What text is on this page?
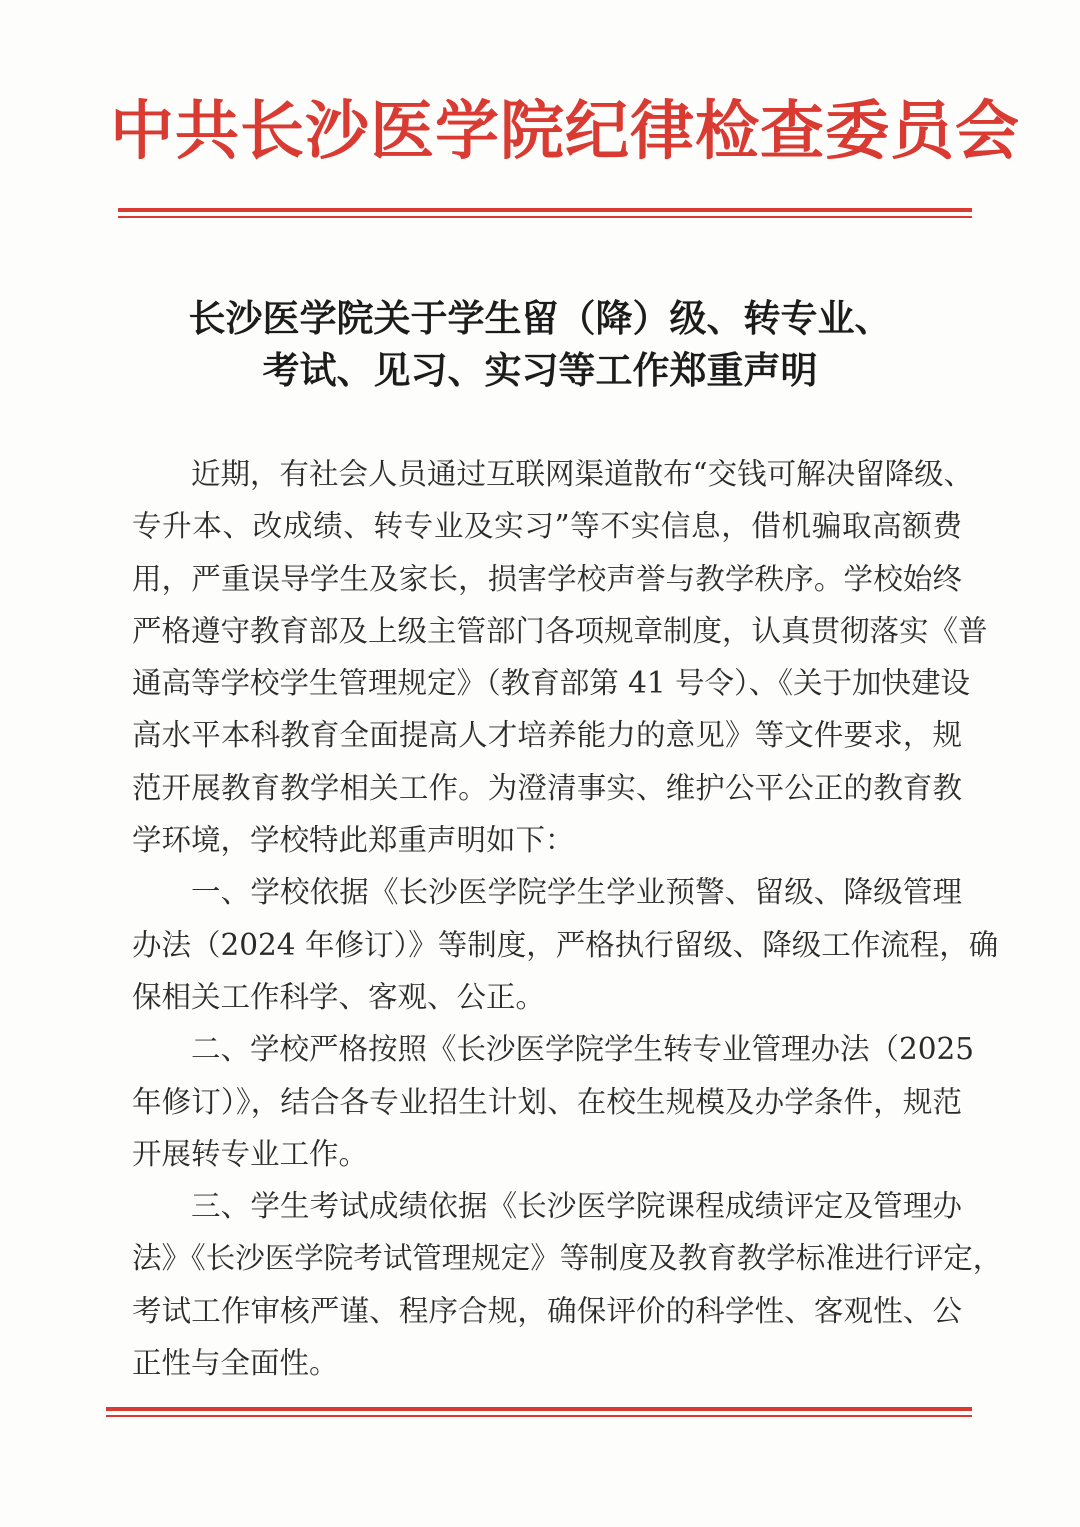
中共长沙医学院纪律检查委员会
长沙医学院关于学生留（降）级、转专业、
考试、见习、实习等工作郑重声明
近期，有社会人员通过互联网渠道散布“交钱可解决留降级、
专升本、改成绩、转专业及实习”等不实信息，借机骗取高额费
用，严重误导学生及家长，损害学校声誉与教学秩序。学校始终
严格遵守教育部及上级主管部门各项规章制度，认真贯彻落实《普
通高等学校学生管理规定》（教育部第 41 号令）、《关于加快建设
高水平本科教育全面提高人才培养能力的意见》等文件要求，规
范开展教育教学相关工作。为澄清事实、维护公平公正的教育教
学环境，学校特此郑重声明如下：
一、学校依据《长沙医学院学生学业预警、留级、降级管理
办法（2024 年修订）》等制度，严格执行留级、降级工作流程，确
保相关工作科学、客观、公正。
二、学校严格按照《长沙医学院学生转专业管理办法（2025
年修订）》，结合各专业招生计划、在校生规模及办学条件，规范
开展转专业工作。
三、学生考试成绩依据《长沙医学院课程成绩评定及管理办
法》《长沙医学院考试管理规定》等制度及教育教学标准进行评定，
考试工作审核严谨、程序合规，确保评价的科学性、客观性、公
正性与全面性。
